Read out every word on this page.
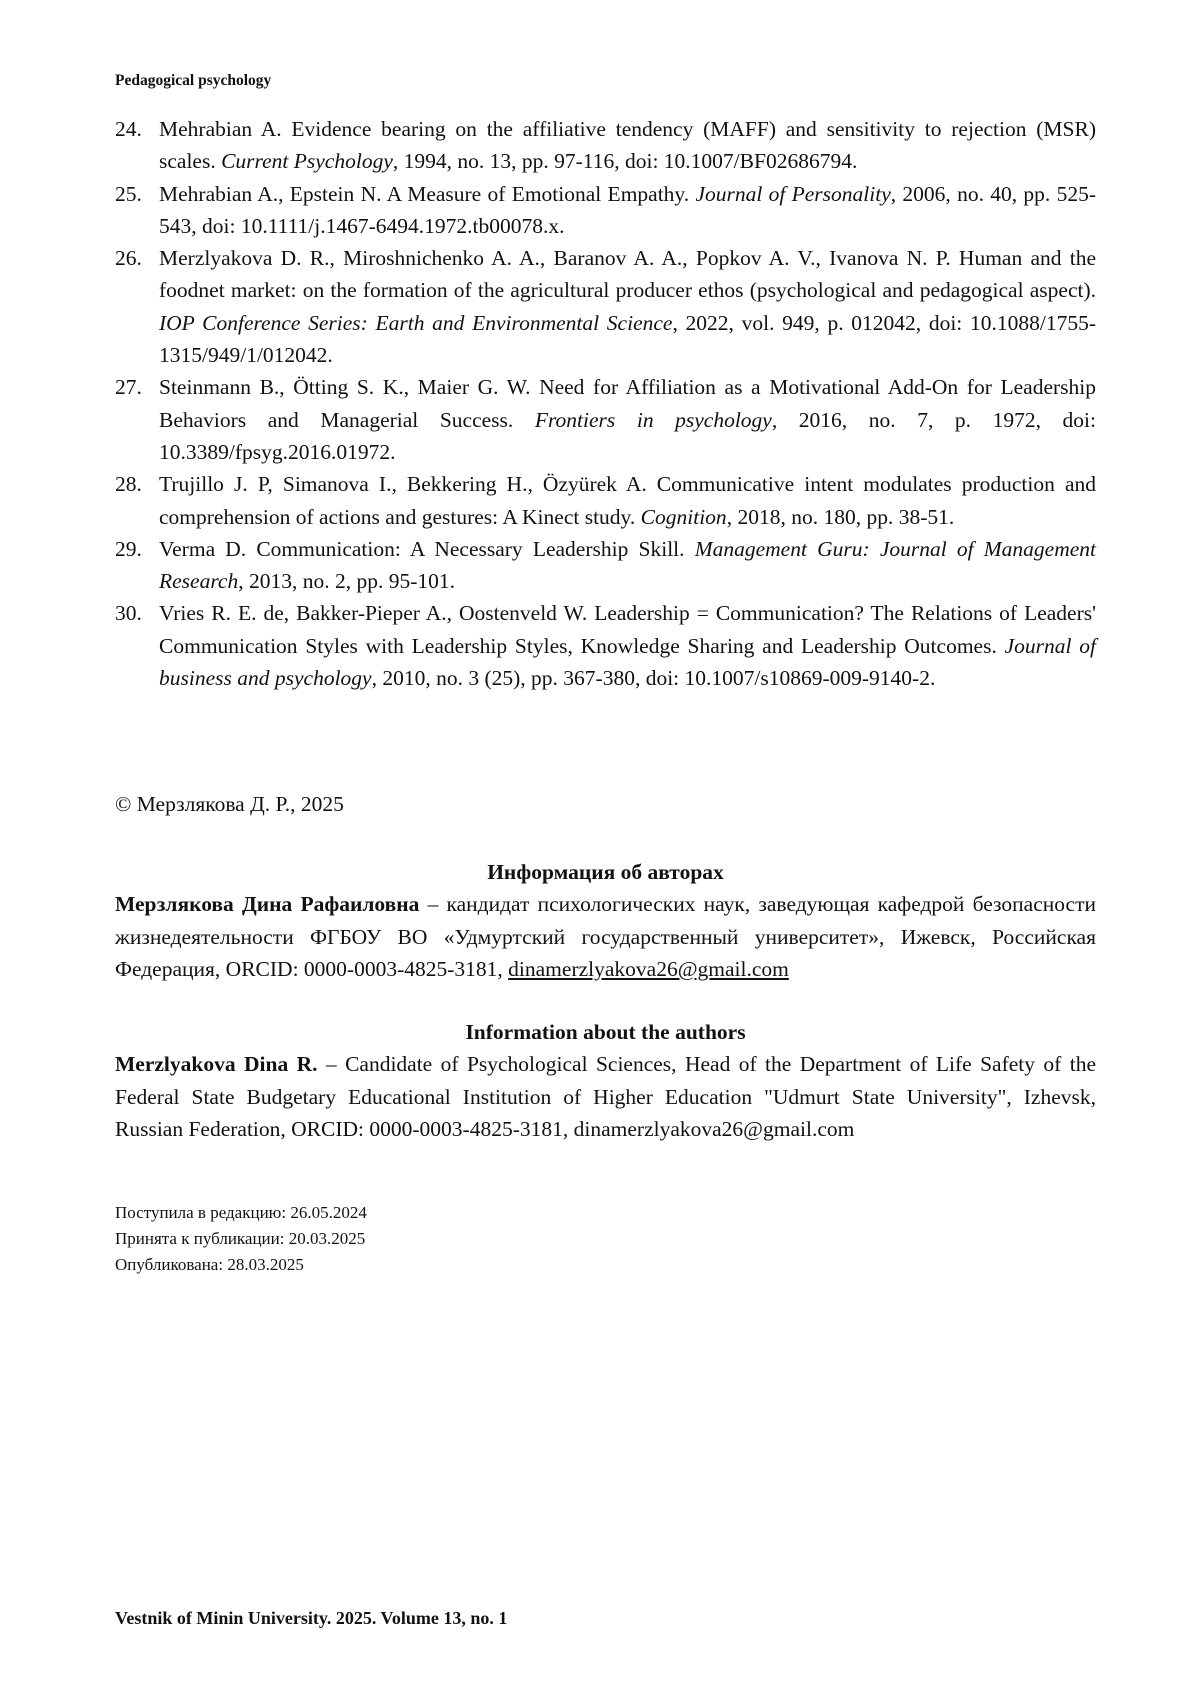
Pedagogical psychology
24. Mehrabian A. Evidence bearing on the affiliative tendency (MAFF) and sensitivity to rejection (MSR) scales. Current Psychology, 1994, no. 13, pp. 97-116, doi: 10.1007/BF02686794.
25. Mehrabian A., Epstein N. A Measure of Emotional Empathy. Journal of Personality, 2006, no. 40, pp. 525-543, doi: 10.1111/j.1467-6494.1972.tb00078.x.
26. Merzlyakova D. R., Miroshnichenko A. A., Baranov A. A., Popkov A. V., Ivanova N. P. Human and the foodnet market: on the formation of the agricultural producer ethos (psychological and pedagogical aspect). IOP Conference Series: Earth and Environmental Science, 2022, vol. 949, p. 012042, doi: 10.1088/1755-1315/949/1/012042.
27. Steinmann B., Ötting S. K., Maier G. W. Need for Affiliation as a Motivational Add-On for Leadership Behaviors and Managerial Success. Frontiers in psychology, 2016, no. 7, p. 1972, doi: 10.3389/fpsyg.2016.01972.
28. Trujillo J. P, Simanova I., Bekkering H., Özyürek A. Communicative intent modulates production and comprehension of actions and gestures: A Kinect study. Cognition, 2018, no. 180, pp. 38-51.
29. Verma D. Communication: A Necessary Leadership Skill. Management Guru: Journal of Management Research, 2013, no. 2, pp. 95-101.
30. Vries R. E. de, Bakker-Pieper A., Oostenveld W. Leadership = Communication? The Relations of Leaders' Communication Styles with Leadership Styles, Knowledge Sharing and Leadership Outcomes. Journal of business and psychology, 2010, no. 3 (25), pp. 367-380, doi: 10.1007/s10869-009-9140-2.
© Мерзлякова Д. Р., 2025
Информация об авторах
Мерзлякова Дина Рафаиловна – кандидат психологических наук, заведующая кафедрой безопасности жизнедеятельности ФГБОУ ВО «Удмуртский государственный университет», Ижевск, Российская Федерация, ORCID: 0000-0003-4825-3181, dinamerzlyakova26@gmail.com
Information about the authors
Merzlyakova Dina R. – Candidate of Psychological Sciences, Head of the Department of Life Safety of the Federal State Budgetary Educational Institution of Higher Education "Udmurt State University", Izhevsk, Russian Federation, ORCID: 0000-0003-4825-3181, dinamerzlyakova26@gmail.com
Поступила в редакцию: 26.05.2024
Принята к публикации: 20.03.2025
Опубликована: 28.03.2025
Vestnik of Minin University. 2025. Volume 13, no. 1
